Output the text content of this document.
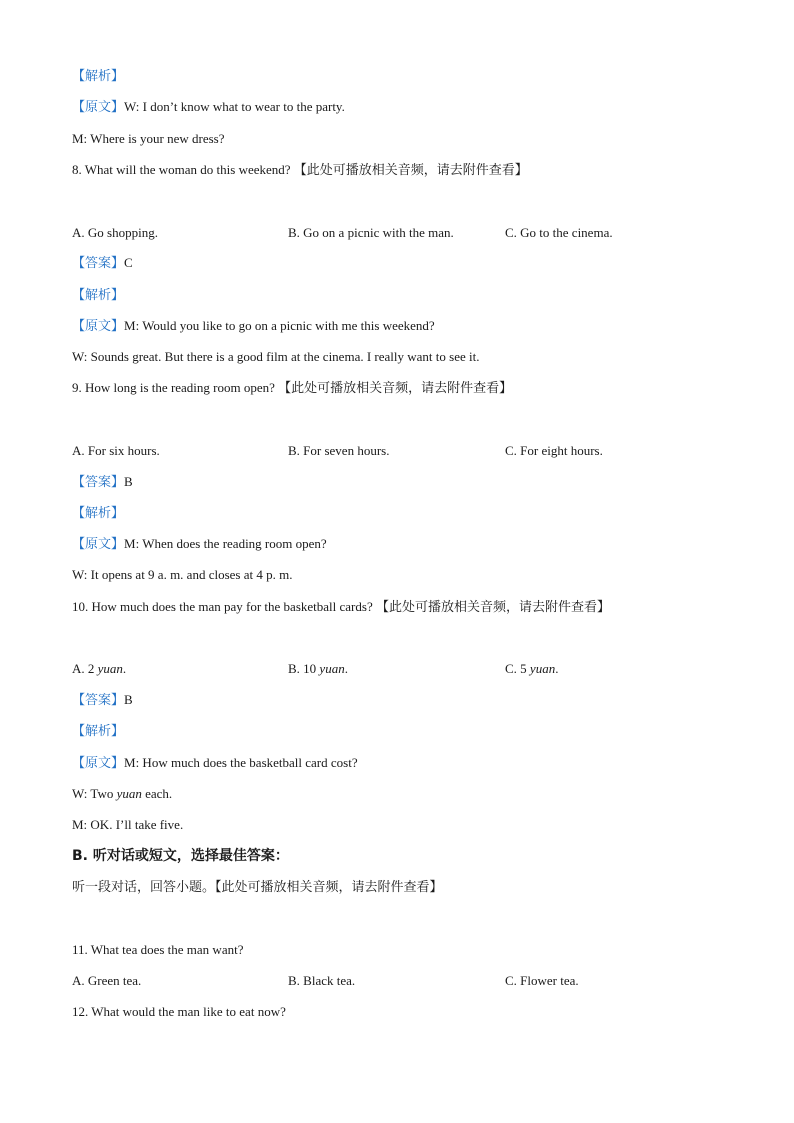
【解析】
【原文】W: I don’t know what to wear to the party.
M: Where is your new dress?
8. What will the woman do this weekend? 【此处可播放相关音频，请去附件查看】
A. Go shopping.	B. Go on a picnic with the man.	C. Go to the cinema.
【答案】C
【解析】
【原文】M: Would you like to go on a picnic with me this weekend?
W: Sounds great. But there is a good film at the cinema. I really want to see it.
9. How long is the reading room open? 【此处可播放相关音频，请去附件查看】
A. For six hours.	B. For seven hours.	C. For eight hours.
【答案】B
【解析】
【原文】M: When does the reading room open?
W: It opens at 9 a. m. and closes at 4 p. m.
10. How much does the man pay for the basketball cards? 【此处可播放相关音频，请去附件查看】
A. 2 yuan.	B. 10 yuan.	C. 5 yuan.
【答案】B
【解析】
【原文】M: How much does the basketball card cost?
W: Two yuan each.
M: OK. I’ll take five.
B. 听对话或短文，选择最佳答案：
听一段对话，回答小题。【此处可播放相关音频，请去附件查看】
11. What tea does the man want?
A. Green tea.	B. Black tea.	C. Flower tea.
12. What would the man like to eat now?
